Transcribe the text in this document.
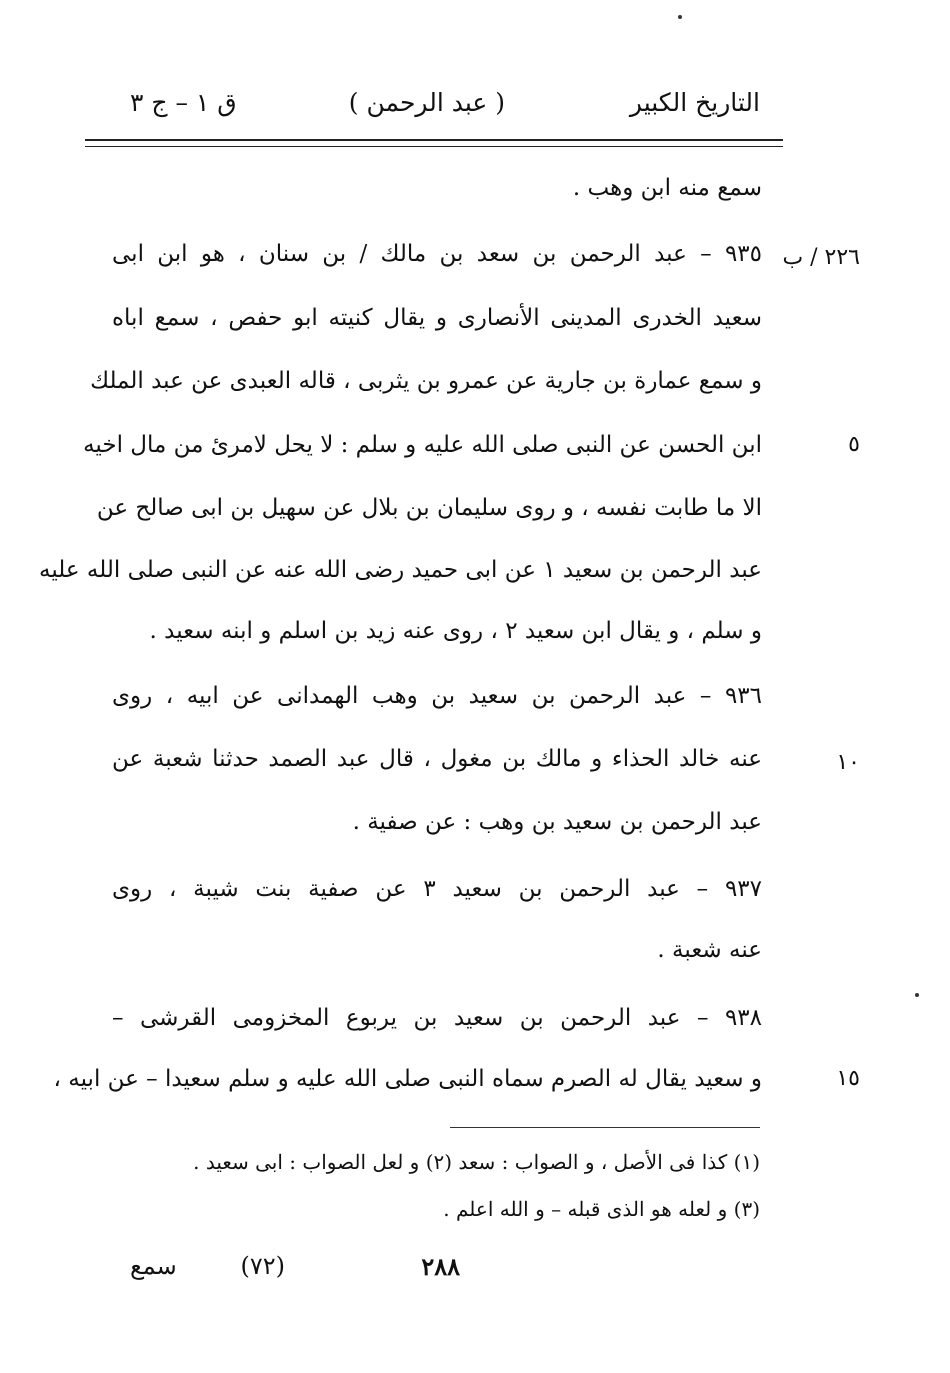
التاريخ الكبير
( عبد الرحمن )
ق ١ – ج ٣
سمع منه ابن وهب .
٩٣٥ – عبد الرحمن بن سعد بن مالك / بن سنان ، هو ابن ابى
سعيد الخدرى المدينى الأنصارى و يقال كنيته ابو حفص ، سمع اباه
و سمع عمارة بن جارية عن عمرو بن يثربى ، قاله العبدى عن عبد الملك
ابن الحسن عن النبى صلى الله عليه و سلم : لا يحل لامرئ من مال اخيه
الا ما طابت نفسه ، و روى سليمان بن بلال عن سهيل بن ابى صالح عن
عبد الرحمن بن سعيد ١ عن ابى حميد رضى الله عنه عن النبى صلى الله عليه
و سلم ، و يقال ابن سعيد ٢ ، روى عنه زيد بن اسلم و ابنه سعيد .
٩٣٦ – عبد الرحمن بن سعيد بن وهب الهمدانى عن ابيه ، روى
عنه خالد الحذاء و مالك بن مغول ، قال عبد الصمد حدثنا شعبة عن
عبد الرحمن بن سعيد بن وهب : عن صفية .
٩٣٧ – عبد الرحمن بن سعيد ٣ عن صفية بنت شيبة ، روى
عنه شعبة .
٩٣٨ – عبد الرحمن بن سعيد بن يربوع المخزومى القرشى –
و سعيد يقال له الصرم سماه النبى صلى الله عليه و سلم سعيدا – عن ابيه ،
٢٢٦ / ب
٥
١٠
١٥
(١) كذا فى الأصل ، و الصواب : سعد (٢) و لعل الصواب : ابى سعيد .
(٣) و لعله هو الذى قبله – و الله اعلم .
٢٨٨
(٧٢)
سمع
